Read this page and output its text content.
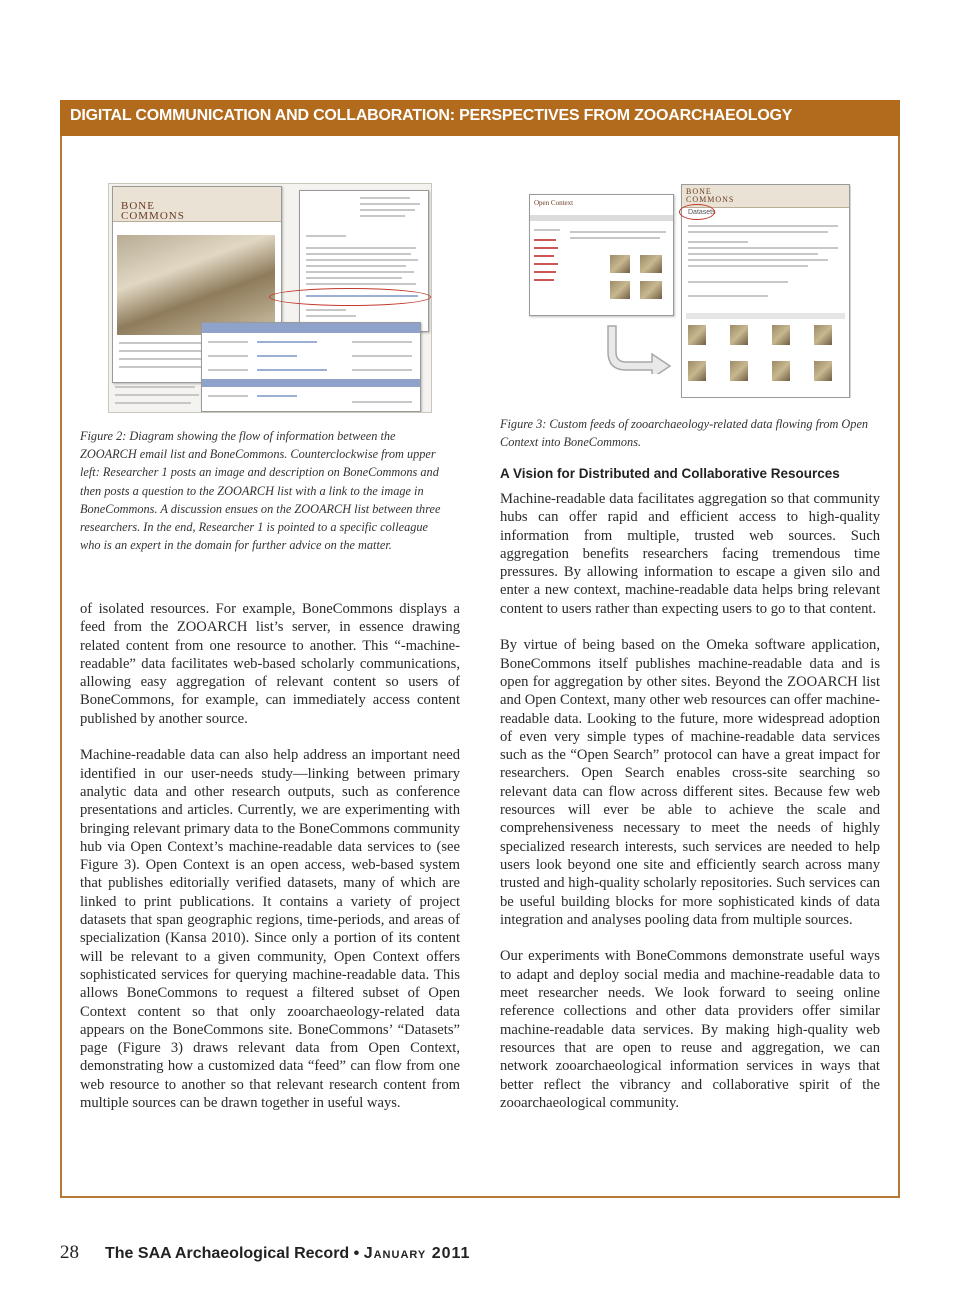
DIGITAL COMMUNICATION AND COLLABORATION: PERSPECTIVES FROM ZOOARCHAEOLOGY
BONE COMMONS
Figure 2: Diagram showing the flow of information between the ZOOARCH email list and BoneCommons. Counterclockwise from upper left: Researcher 1 posts an image and description on BoneCommons and then posts a question to the ZOOARCH list with a link to the image in BoneCommons. A discussion ensues on the ZOOARCH list between three researchers. In the end, Researcher 1 is pointed to a specific colleague who is an expert in the domain for further advice on the matter.
Open Context
BONE COMMONS
Datasets
Figure 3: Custom feeds of zooarchaeology-related data flowing from Open Context into BoneCommons.
A Vision for Distributed and Collaborative Resources

of isolated resources. For example, BoneCommons displays a feed from the ZOOARCH list’s server, in essence drawing related content from one resource to another. This “-machine-readable” data facilitates web-based scholarly communications, allowing easy aggregation of relevant content so users of BoneCommons, for example, can immediately access content published by another source.

Machine-readable data can also help address an important need identified in our user-needs study—linking between primary analytic data and other research outputs, such as conference presentations and articles. Currently, we are experimenting with bringing relevant primary data to the BoneCommons community hub via Open Context’s machine-readable data services to (see Figure 3). Open Context is an open access, web-based system that publishes editorially verified datasets, many of which are linked to print publications. It contains a variety of project datasets that span geographic regions, time-periods, and areas of specialization (Kansa 2010). Since only a portion of its content will be relevant to a given community, Open Context offers sophisticated services for querying machine-readable data. This allows BoneCommons to request a filtered subset of Open Context content so that only zooarchaeology-related data appears on the BoneCommons site. BoneCommons’ “Datasets” page (Figure 3) draws relevant data from Open Context, demonstrating how a customized data “feed” can flow from one web resource to another so that relevant research content from multiple sources can be drawn together in useful ways.

Machine-readable data facilitates aggregation so that community hubs can offer rapid and efficient access to high-quality information from multiple, trusted web sources. Such aggregation benefits researchers facing tremendous time pressures. By allowing information to escape a given silo and enter a new context, machine-readable data helps bring relevant content to users rather than expecting users to go to that content.

By virtue of being based on the Omeka software application, BoneCommons itself publishes machine-readable data and is open for aggregation by other sites. Beyond the ZOOARCH list and Open Context, many other web resources can offer machine-readable data. Looking to the future, more widespread adoption of even very simple types of machine-readable data services such as the “Open Search” protocol can have a great impact for researchers. Open Search enables cross-site searching so relevant data can flow across different sites. Because few web resources will ever be able to achieve the scale and comprehensiveness necessary to meet the needs of highly specialized research interests, such services are needed to help users look beyond one site and efficiently search across many trusted and high-quality scholarly repositories. Such services can be useful building blocks for more sophisticated kinds of data integration and analyses pooling data from multiple sources.

Our experiments with BoneCommons demonstrate useful ways to adapt and deploy social media and machine-readable data to meet researcher needs. We look forward to seeing online reference collections and other data providers offer similar machine-readable data services. By making high-quality web resources that are open to reuse and aggregation, we can network zooarchaeological information services in ways that better reflect the vibrancy and collaborative spirit of the zooarchaeological community.

28 The SAA Archaeological Record • January 2011
